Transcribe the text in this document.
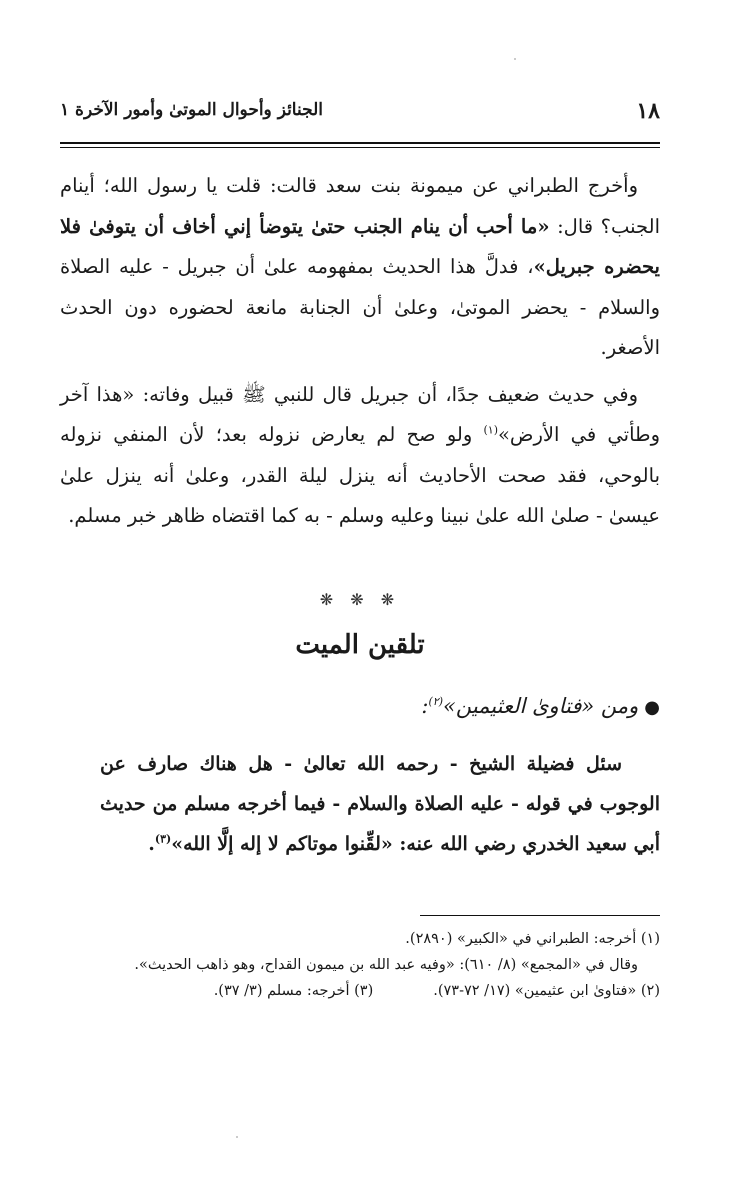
١٨
الجنائز وأحوال الموتىٰ وأمور الآخرة ١

وأخرج الطبراني عن ميمونة بنت سعد قالت: قلت يا رسول الله؛ أينام الجنب؟ قال: «ما أحب أن ينام الجنب حتىٰ يتوضأ إني أخاف أن يتوفىٰ فلا يحضره جبريل»، فدلَّ هذا الحديث بمفهومه علىٰ أن جبريل - عليه الصلاة والسلام - يحضر الموتىٰ، وعلىٰ أن الجنابة مانعة لحضوره دون الحدث الأصغر.

وفي حديث ضعيف جدًا، أن جبريل قال للنبي ﷺ قبيل وفاته: «هذا آخر وطأتي في الأرض»$^{(١)}$ ولو صح لم يعارض نزوله بعد؛ لأن المنفي نزوله بالوحي، فقد صحت الأحاديث أنه ينزل ليلة القدر، وعلىٰ أنه ينزل علىٰ عيسىٰ - صلىٰ الله علىٰ نبينا وعليه وسلم - به كما اقتضاه ظاهر خبر مسلم.

❋ ❋ ❋
تلقين الميت
●ومن «فتاوىٰ العثيمين»$^{(٢)}$:

سئل فضيلة الشيخ - رحمه الله تعالىٰ - هل هناك صارف عن الوجوب في قوله - عليه الصلاة والسلام - فيما أخرجه مسلم من حديث أبي سعيد الخدري رضي الله عنه: «لقِّنوا موتاكم لا إله إلَّا الله»$^{(٣)}$.

(١) أخرجه: الطبراني في «الكبير» (٢٨٩٠).

وقال في «المجمع» (٨/ ٦١٠): «وفيه عبد الله بن ميمون القداح، وهو ذاهب الحديث».

(٢) «فتاوىٰ ابن عثيمين» (١٧/ ٧٢-٧٣).
(٣) أخرجه: مسلم (٣/ ٣٧).
